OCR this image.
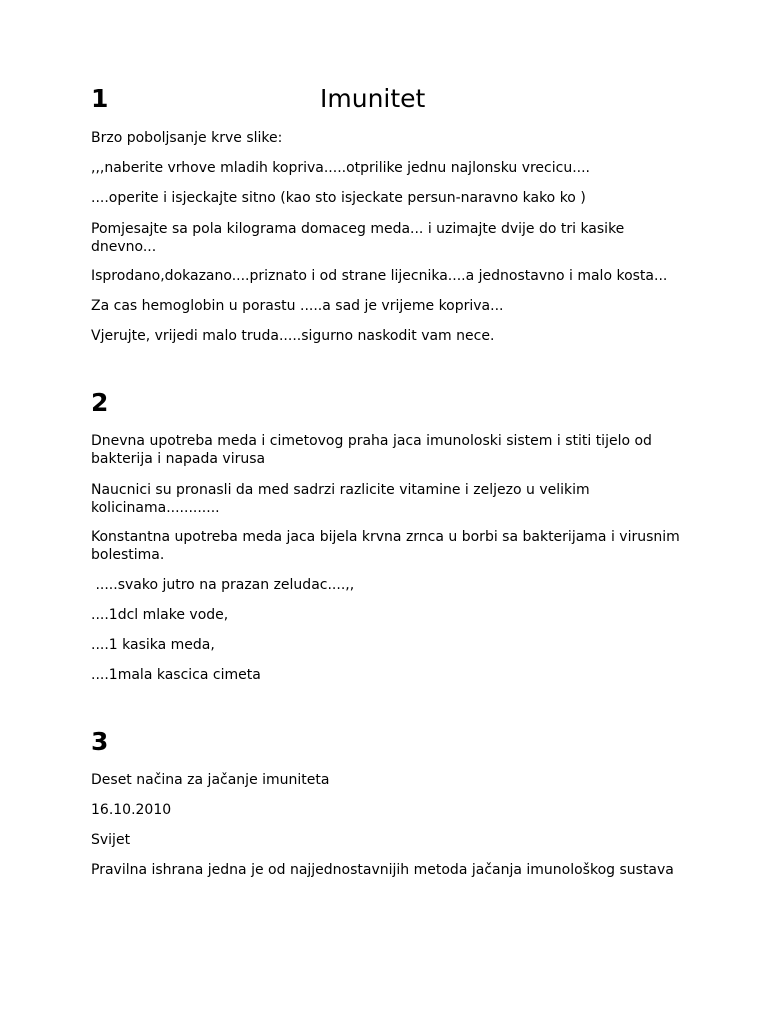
1	Imunitet

Brzo poboljsanje krve slike:

,,,naberite vrhove mladih kopriva.....otprilike jednu najlonsku vrecicu....

....operite i isjeckajte sitno (kao sto isjeckate persun-naravno kako ko )

Pomjesajte sa pola kilograma domaceg meda... i uzimajte dvije do tri kasike dnevno...

Isprodano,dokazano....priznato i od strane lijecnika....a jednostavno i malo kosta...

Za cas hemoglobin u porastu .....a sad je vrijeme kopriva...

Vjerujte, vrijedi malo truda.....sigurno naskodit vam nece.

2

Dnevna upotreba meda i cimetovog praha jaca imunoloski sistem i stiti tijelo od bakterija i napada virusa

Naucnici su pronasli da med sadrzi razlicite vitamine i zeljezo u velikim kolicinama............

Konstantna upotreba meda jaca bijela krvna zrnca u borbi sa bakterijama i virusnim bolestima.

.....svako jutro na prazan zeludac....,,

....1dcl mlake vode,

....1 kasika meda,

....1mala kascica cimeta

3

Deset načina za jačanje imuniteta

16.10.2010

Svijet

Pravilna ishrana jedna je od najjednostavnijih metoda jačanja imunološkog sustava
